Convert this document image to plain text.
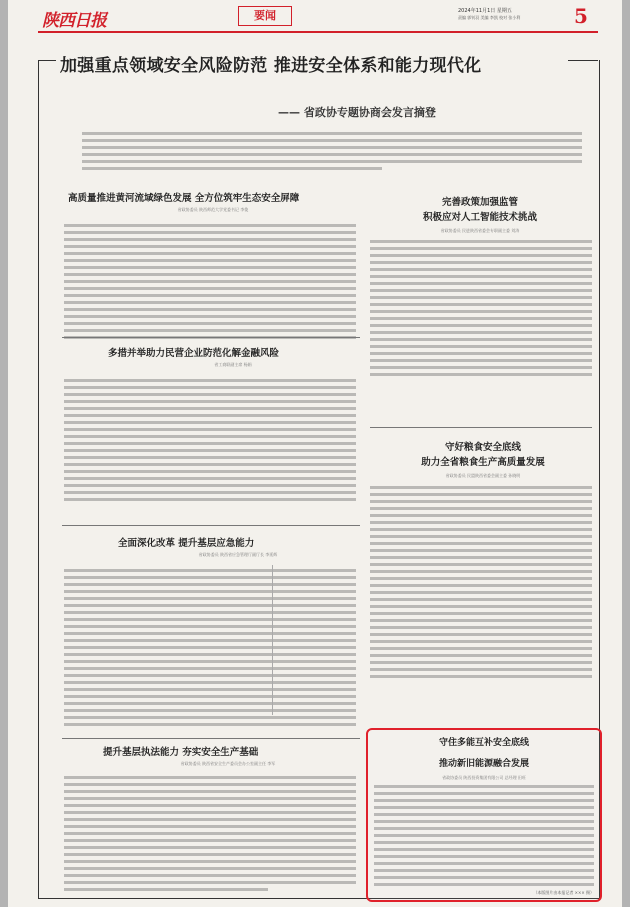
陕西日报	要闻	2024年11月1日 星期五
责编 郭钊羽 美编 李凯 校对 张小利	5
加强重点领域安全风险防范 推进安全体系和能力现代化
—— 省政协专题协商会发言摘登
高质量推进黄河流域绿色发展 全方位筑牢生态安全屏障
省政协委员 陕西师范大学党委书记 李俊
完善政策加强监管
积极应对人工智能技术挑战
省政协委员 民进陕西省委会专职副主委 刘涛
多措并举助力民营企业防范化解金融风险
省工商联副主席 杨娟
守好粮食安全底线
助力全省粮食生产高质量发展
省政协委员 民盟陕西省委会副主委 孙晓明
全面深化改革 提升基层应急能力
省政协委员 陕西省应急管理厅副厅长 李延辉
守住多能互补安全底线
推动新旧能源融合发展
省政协委员 陕西投资集团有限公司 总经理 田旺
（本版图片由本报记者 ××× 摄）
提升基层执法能力 夯实安全生产基础
省政协委员 陕西省安全生产委员会办公室副主任 李军
